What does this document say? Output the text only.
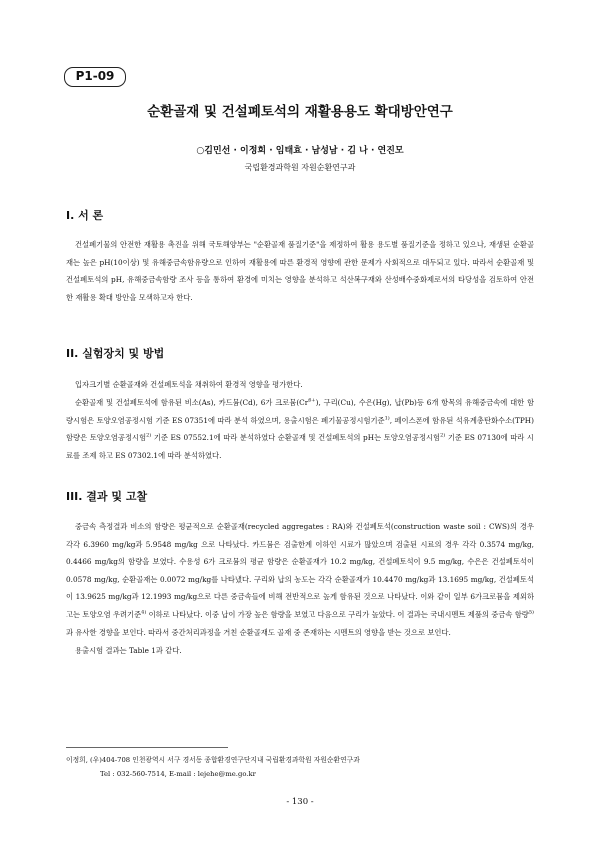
P1-09
순환골재 및 건설폐토석의 재활용용도 확대방안연구
○김민선 · 이정희 · 임태효 · 남성남 · 김 나 · 연진모
국립환경과학원 자원순환연구과
I. 서 론

건설폐기물의 안전한 재활용 촉진을 위해 국토해양부는 "순환골재 품질기준"을 제정하여 활용 용도별 품질기준을 정하고 있으나, 재생된 순환골재는 높은 pH(10이상) 및 유해중금속함유량으로 인하여 재활용에 따른 환경적 영향에 관한 문제가 사회적으로 대두되고 있다. 따라서 순환골재 및 건설폐토석의 pH, 유해중금속함량 조사 등을 통하여 환경에 미치는 영향을 분석하고 석산복구재와 산성배수중화제로서의 타당성을 검토하여 안전한 재활용 확대 방안을 모색하고자 한다.

II. 실험장치 및 방법

입자크기별 순환골재와 건설폐토석을 채취하여 환경적 영향을 평가한다.

순환골재 및 건설폐토석에 함유된 비소(As), 카드뮴(Cd), 6가 크로뮴$(Cr^{6+})$, 구리(Cu), 수은(Hg), 납(Pb)등 6개 항목의 유해중금속에 대한 함량시험은 토양오염공정시험 기준 ES 07351에 따라 분석 하였으며, 용출시험은 폐기물공정시험기준$^{1)}$, 페이스폰에 함유된 석유계총탄화수소(TPH) 함량은 토양오염공정시험$^{2)}$ 기준 ES 07552.1에 따라 분석하였다 순환골재 및 건설폐토석의 pH는 토양오염공정시험$^{2)}$ 기준 ES 07130에 따라 시료를 조제 하고 ES 07302.1에 따라 분석하였다.

III. 결과 및 고찰

중금속 측정결과 비소의 함량은 평균적으로 순환골재(recycled aggregates : RA)와 건설폐토석(construction waste soil : CWS)의 경우 각각 6.3960 mg/kg과 5.9548 mg/kg 으로 나타났다. 카드뮴은 검출한계 이하인 시료가 많았으며 검출된 시료의 경우 각각 0.3574 mg/kg, 0.4466 mg/kg의 함량을 보였다. 수용성 6가 크로뮴의 평균 함량은 순환골재가 10.2 mg/kg, 건설폐토석이 9.5 mg/kg, 수은은 건설폐토석이 0.0578 mg/kg, 순환골재는 0.0072 mg/kg를 나타냈다. 구리와 납의 농도는 각각 순환골재가 10.4470 mg/kg과 13.1695 mg/kg, 건설폐토석이 13.9625 mg/kg과 12.1993 mg/kg으로 다른 중금속들에 비해 전반적으로 높게 함유된 것으로 나타났다. 이와 같이 일부 6가크로뮴을 제외하고는 토양오염 우려기준$^{4)}$ 이하로 나타났다. 이중 납이 가장 높은 함량을 보였고 다음으로 구리가 높았다. 이 결과는 국내시멘트 제품의 중금속 함량$^{5)}$과 유사한 경향을 보인다. 따라서 중간처리과정을 거친 순환골재도 골재 중 존재하는 시멘트의 영향을 받는 것으로 보인다.

용출시험 결과는 Table 1과 같다.

이정희, (우)404-708 인천광역시 서구 경서동 종합환경연구단지내 국립환경과학원 자원순환연구과
Tel : 032-560-7514, E-mail : lejehe@me.go.kr
- 130 -
